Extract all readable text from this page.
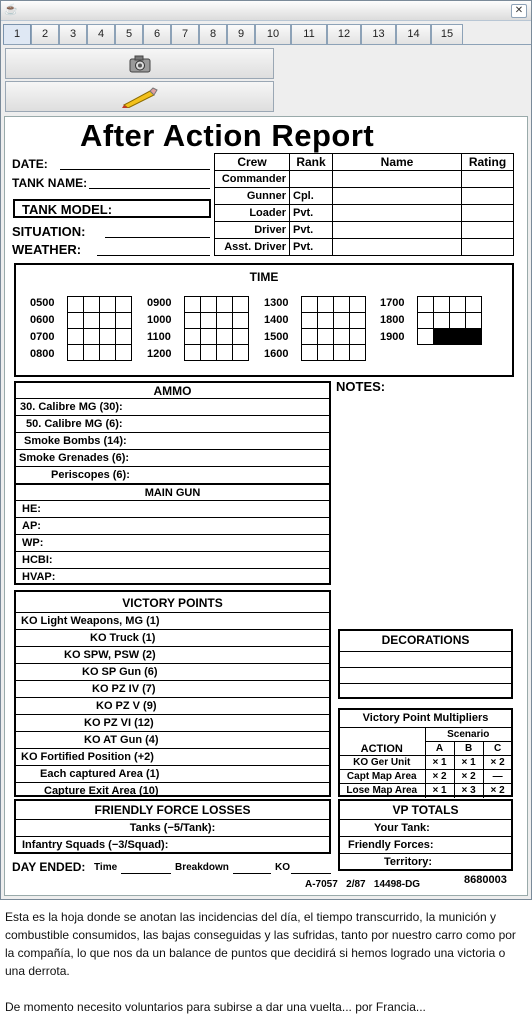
☕	✕
1	2	3	4	5	6	7	8	9	10	11	12	13	14	15
After Action Report
DATE:
TANK NAME:
TANK MODEL:
SITUATION:
WEATHER:
Crew	Rank	Name	Rating
Commander			
Gunner	Cpl.		
Loader	Pvt.		
Driver	Pvt.		
Asst. Driver	Pvt.		
TIME
0500
0600
0700
0800
0900
1000
1100
1200
1300
1400
1500
1600
1700
1800
1900
AMMO
30. Calibre MG (30):
50. Calibre MG (6):
Smoke Bombs (14):
Smoke Grenades (6):
Periscopes (6):
MAIN GUN
HE:
AP:
WP:
HCBI:
HVAP:
NOTES:
VICTORY POINTS
KO Light Weapons, MG (1)
KO Truck (1)
KO SPW, PSW (2)
KO SP Gun (6)
KO PZ IV (7)
KO PZ V (9)
KO PZ VI (12)
KO AT Gun (4)
KO Fortified Position (+2)
Each captured Area (1)
Capture Exit Area (10)
DECORATIONS
Victory Point Multipliers
ACTION	Scenario		
	A	B	C
KO Ger Unit	× 1	× 1	× 2
Capt Map Area	× 2	× 2	—
Lose Map Area	× 1	× 3	× 2
FRIENDLY FORCE LOSSES
Tanks (−5/Tank):
Infantry Squads (−3/Squad):
VP TOTALS
Your Tank:
Friendly Forces:
Territory:
DAY ENDED: Time	Breakdown	KO
A-7057   2/87   14498-DG	8680003
Esta es la hoja donde se anotan las incidencias del día, el tiempo transcurrido, la munición y combustible consumidos, las bajas conseguidas y las sufridas, tanto por nuestro carro como por la compañía, lo que nos da un balance de puntos que decidirá si hemos logrado una victoria o una derrota.
De momento necesito voluntarios para subirse a dar una vuelta... por Francia...
